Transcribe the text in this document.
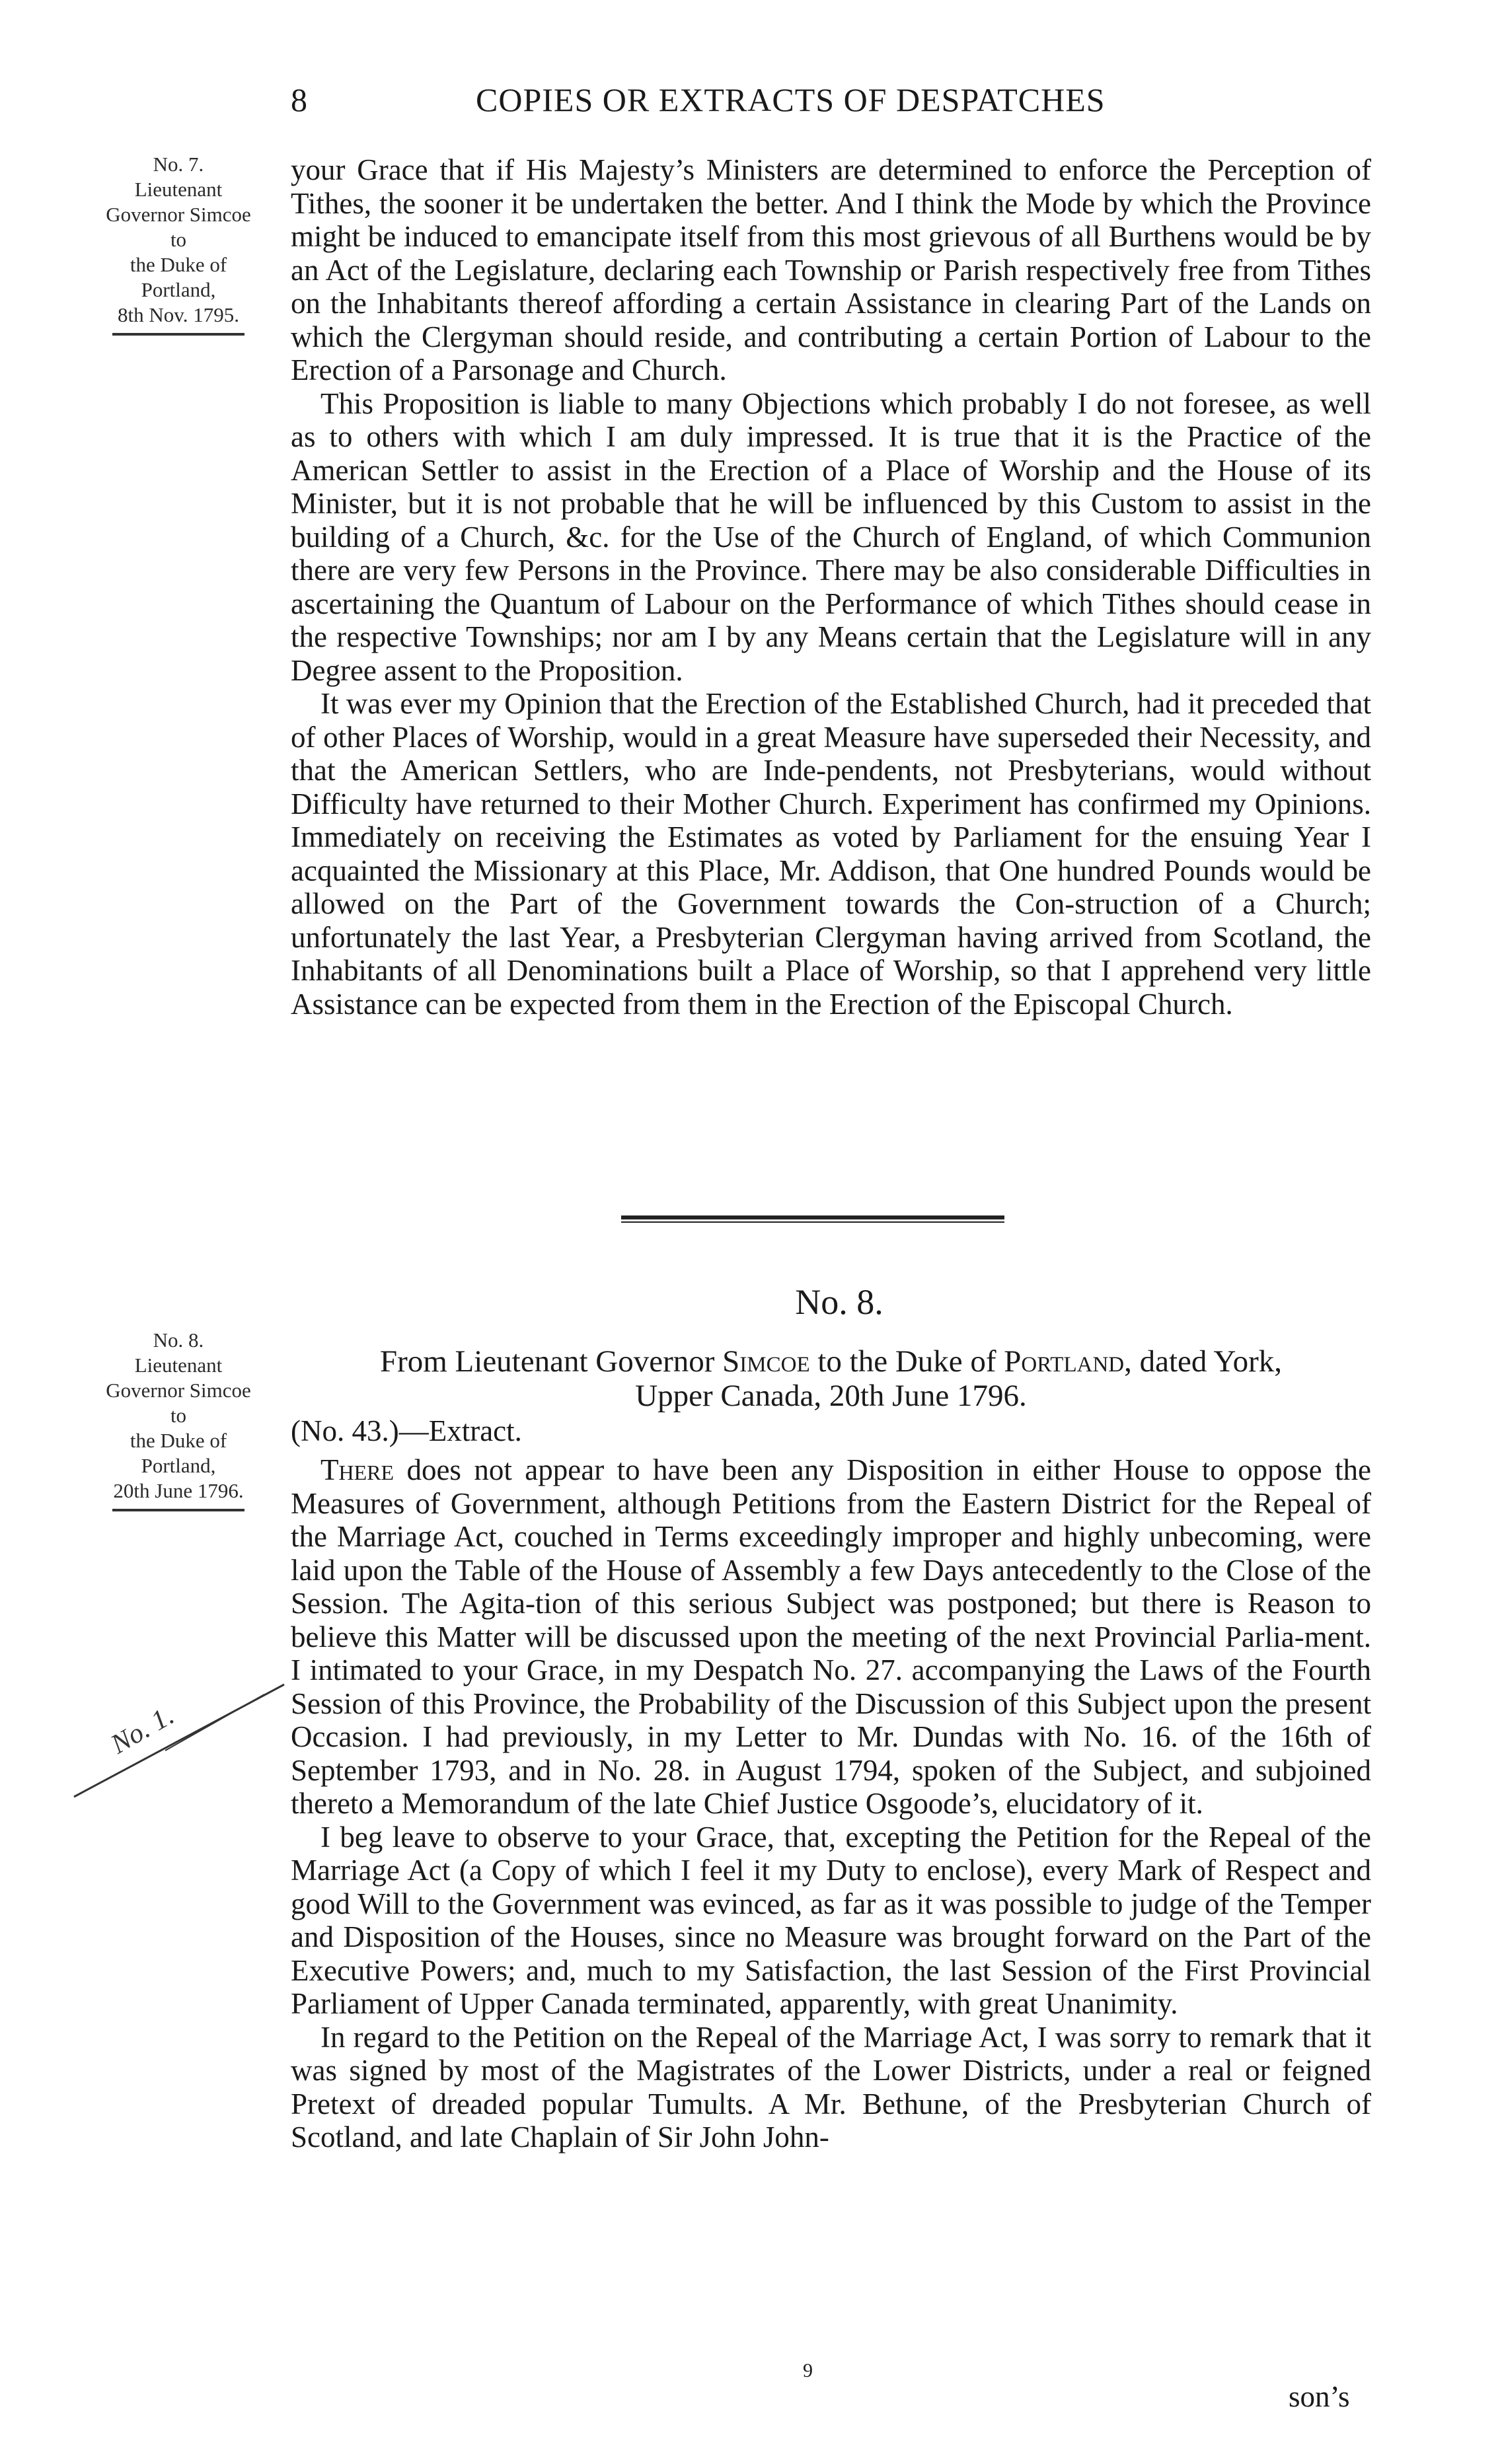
8	COPIES OR EXTRACTS OF DESPATCHES
No. 7.
Lieutenant
Governor Simcoe
to
the Duke of
Portland,
8th Nov. 1795.

your Grace that if His Majesty’s Ministers are determined to enforce the Perception of Tithes, the sooner it be undertaken the better. And I think the Mode by which the Province might be induced to emancipate itself from this most grievous of all Burthens would be by an Act of the Legislature, declaring each Township or Parish respectively free from Tithes on the Inhabitants thereof affording a certain Assistance in clearing Part of the Lands on which the Clergyman should reside, and contributing a certain Portion of Labour to the Erection of a Parsonage and Church.

This Proposition is liable to many Objections which probably I do not foresee, as well as to others with which I am duly impressed. It is true that it is the Practice of the American Settler to assist in the Erection of a Place of Worship and the House of its Minister, but it is not probable that he will be influenced by this Custom to assist in the building of a Church, &c. for the Use of the Church of England, of which Communion there are very few Persons in the Province. There may be also considerable Difficulties in ascertaining the Quantum of Labour on the Performance of which Tithes should cease in the respective Townships; nor am I by any Means certain that the Legislature will in any Degree assent to the Proposition.

It was ever my Opinion that the Erection of the Established Church, had it preceded that of other Places of Worship, would in a great Measure have superseded their Necessity, and that the American Settlers, who are Inde-pendents, not Presbyterians, would without Difficulty have returned to their Mother Church. Experiment has confirmed my Opinions. Immediately on receiving the Estimates as voted by Parliament for the ensuing Year I acquainted the Missionary at this Place, Mr. Addison, that One hundred Pounds would be allowed on the Part of the Government towards the Con-struction of a Church; unfortunately the last Year, a Presbyterian Clergyman having arrived from Scotland, the Inhabitants of all Denominations built a Place of Worship, so that I apprehend very little Assistance can be expected from them in the Erection of the Episcopal Church.

No. 8.
No. 8.
Lieutenant
Governor Simcoe
to
the Duke of
Portland,
20th June 1796.
From Lieutenant Governor Simcoe to the Duke of Portland, dated York,
Upper Canada, 20th June 1796.
(No. 43.)—Extract.

There does not appear to have been any Disposition in either House to oppose the Measures of Government, although Petitions from the Eastern District for the Repeal of the Marriage Act, couched in Terms exceedingly improper and highly unbecoming, were laid upon the Table of the House of Assembly a few Days antecedently to the Close of the Session. The Agita-tion of this serious Subject was postponed; but there is Reason to believe this Matter will be discussed upon the meeting of the next Provincial Parlia-ment. I intimated to your Grace, in my Despatch No. 27. accompanying the Laws of the Fourth Session of this Province, the Probability of the Discussion of this Subject upon the present Occasion. I had previously, in my Letter to Mr. Dundas with No. 16. of the 16th of September 1793, and in No. 28. in August 1794, spoken of the Subject, and subjoined thereto a Memorandum of the late Chief Justice Osgoode’s, elucidatory of it.

I beg leave to observe to your Grace, that, excepting the Petition for the Repeal of the Marriage Act (a Copy of which I feel it my Duty to enclose), every Mark of Respect and good Will to the Government was evinced, as far as it was possible to judge of the Temper and Disposition of the Houses, since no Measure was brought forward on the Part of the Executive Powers; and, much to my Satisfaction, the last Session of the First Provincial Parliament of Upper Canada terminated, apparently, with great Unanimity.

In regard to the Petition on the Repeal of the Marriage Act, I was sorry to remark that it was signed by most of the Magistrates of the Lower Districts, under a real or feigned Pretext of dreaded popular Tumults. A Mr. Bethune, of the Presbyterian Church of Scotland, and late Chaplain of Sir John John-

No. 1.
9
son’s
